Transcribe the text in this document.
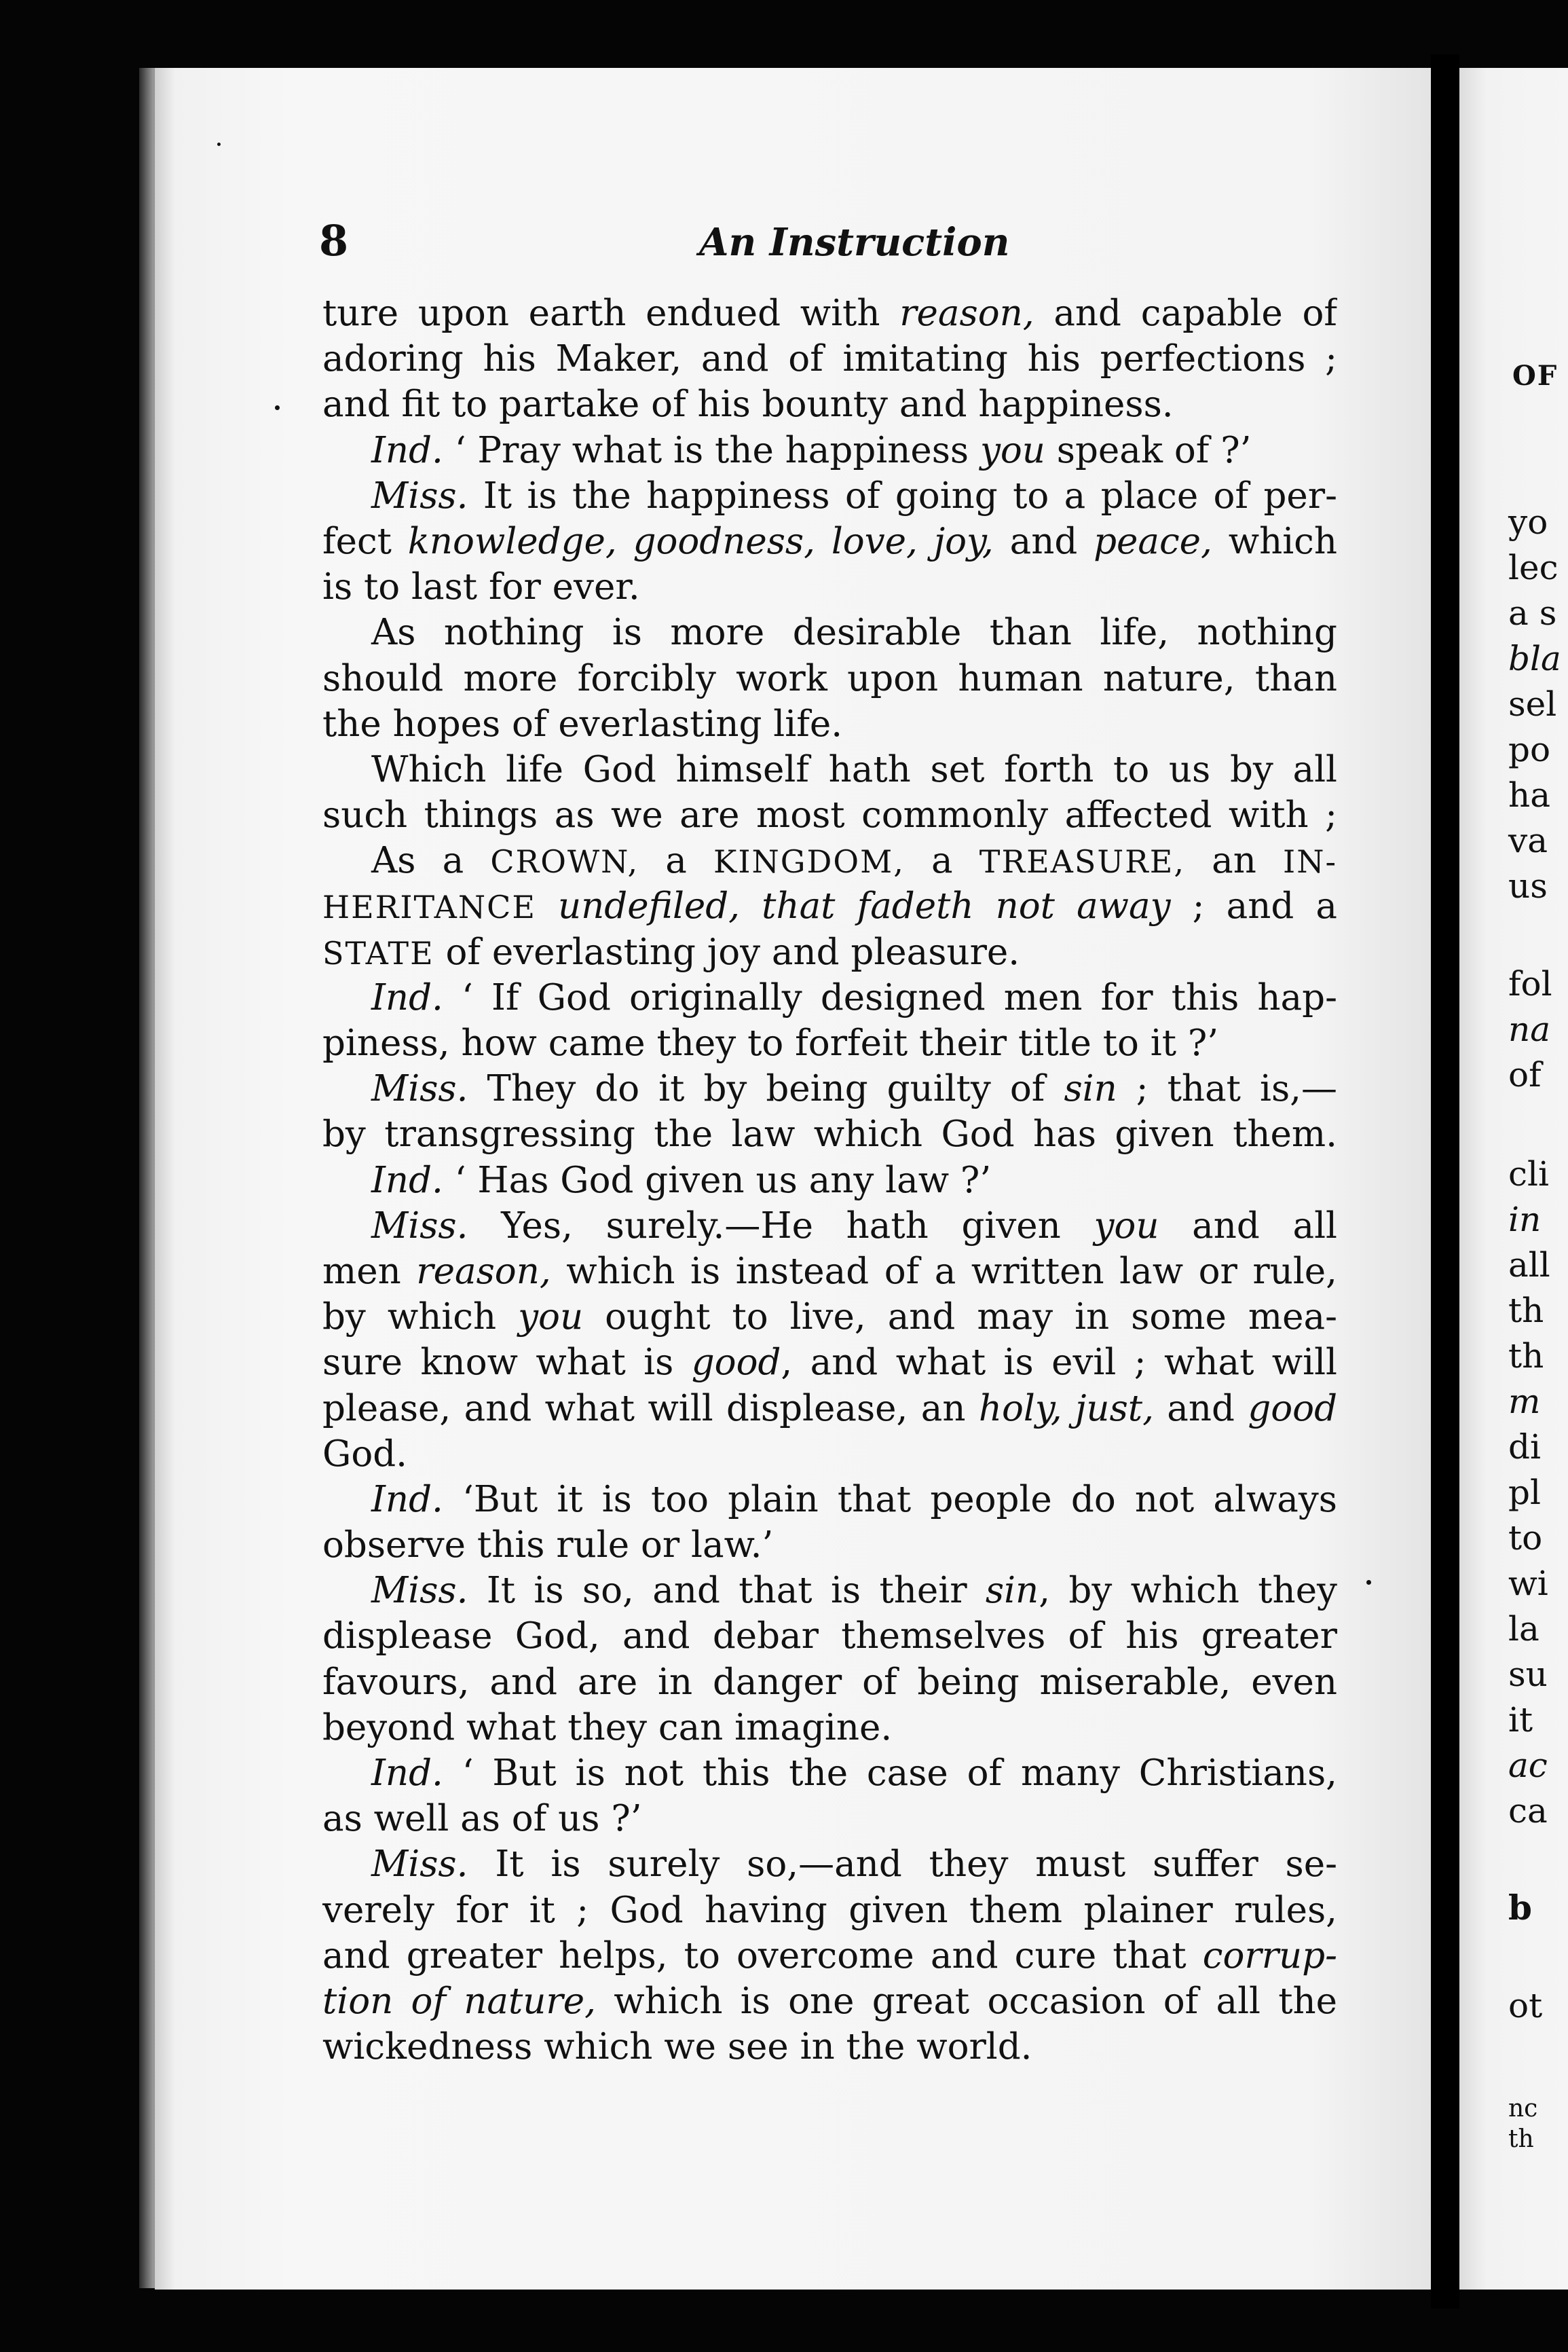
8	An Instruction
ture upon earth endued with reason, and capable of
adoring his Maker, and of imitating his perfections ;
and fit to partake of his bounty and happiness.
Ind. ‘ Pray what is the happiness you speak of ?’
Miss. It is the happiness of going to a place of per-
fect knowledge, goodness, love, joy, and peace, which
is to last for ever.
As nothing is more desirable than life, nothing
should more forcibly work upon human nature, than
the hopes of everlasting life.
Which life God himself hath set forth to us by all
such things as we are most commonly affected with ;
As a CROWN, a KINGDOM, a TREASURE, an IN-
HERITANCE undefiled, that fadeth not away ; and a
STATE of everlasting joy and pleasure.
Ind. ‘ If God originally designed men for this hap-
piness, how came they to forfeit their title to it ?’
Miss. They do it by being guilty of sin ; that is,—
by transgressing the law which God has given them.
Ind. ‘ Has God given us any law ?’
Miss. Yes, surely.—He hath given you and all
men reason, which is instead of a written law or rule,
by which you ought to live, and may in some mea-
sure know what is good, and what is evil ; what will
please, and what will displease, an holy, just, and good
God.
Ind. ‘But it is too plain that people do not always
observe this rule or law.’
Miss. It is so, and that is their sin, by which they
displease God, and debar themselves of his greater
favours, and are in danger of being miserable, even
beyond what they can imagine.
Ind. ‘ But is not this the case of many Christians,
as well as of us ?’
Miss. It is surely so,—and they must suffer se-
verely for it ; God having given them plainer rules,
and greater helps, to overcome and cure that corrup-
tion of nature, which is one great occasion of all the
wickedness which we see in the world.
OF
yo
lec
a s
bla
sel
po
ha
va
us
fol
na
of
cli
in
all
th
th
m
di
pl
to
wi
la
su
it
ac
ca
b
ot
nc
th
